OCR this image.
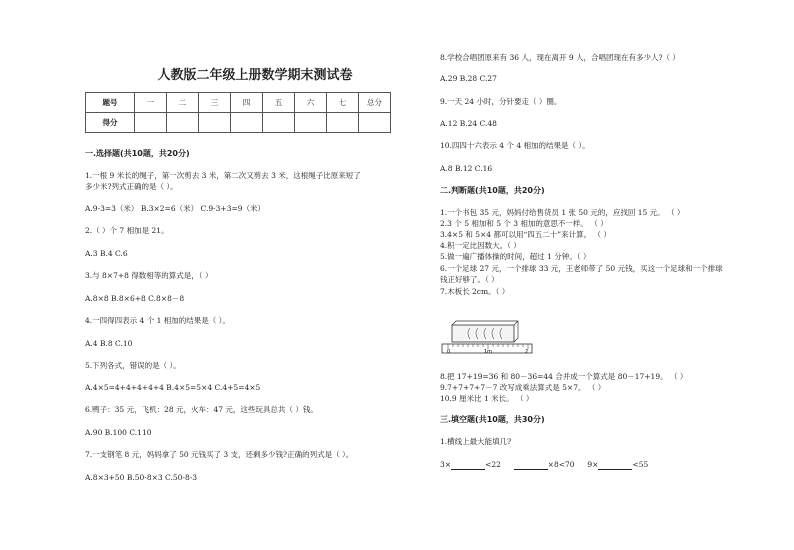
人教版二年级上册数学期末测试卷
题号	一	二	三	四	五	六	七	总分
得分								
一.选择题(共10题，共20分)
1.一根 9 米长的绳子，第一次剪去 3 米，第二次又剪去 3 米，这根绳子比原来短了
多少米?列式正确的是（ ）。
A.9-3=3（米） B.3×2=6（米） C.9-3+3=9（米）
2.（ ）个 7 相加是 21。
A.3 B.4 C.6
3.与 8×7+8 得数相等的算式是，（ ）
A.8×8 B.8×6+8 C.8×8－8
4.一四得四表示 4 个 1 相加的结果是（ ）。
A.4 B.8 C.10
5.下列各式，错误的是（ ）。
A.4×5=4+4+4+4+4 B.4×5=5×4 C.4+5=4×5
6.鸭子：35 元，飞机：28 元，火车：47 元，这些玩具总共（ ）钱。
A.90 B.100 C.110
7.一支钢笔 8 元，妈妈拿了 50 元钱买了 3 支，还剩多少钱?正确的列式是（ ）。
A.8×3+50 B.50-8×3 C.50-8-3
8.学校合唱团原来有 36 人，现在离开 9 人，合唱团现在有多少人?（ ）
A.29 B.28 C.27
9.一天 24 小时，分针要走（ ）圈。
A.12 B.24 C.48
10.四四十六表示 4 个 4 相加的结果是（ ）。
A.8 B.12 C.16
二.判断题(共10题，共20分)
1.一个书包 35 元，妈妈付给售货员 1 张 50 元的，应找回 15 元。 （ ）
2.3 个 5 相加和 5 个 3 相加的意思不一样。 （ ）
3.4×5 和 5×4 都可以用“四五二十”来计算。 （ ）
4.积一定比因数大。（ ）
5.做一遍广播体操的时间，超过 1 分钟。（ ）
6.一个足球 27 元，一个排球 33 元，王老师带了 50 元钱，买这一个足球和一个排球
钱正好够了。（ ）
7.木板长 2cm。（ ）
0	1m	2
8.把 17+19=36 和 80－36=44 合并成一个算式是 80－17+19。 （ ）
9.7+7+7+7－7 改写成乘法算式是 5×7。 （ ）
10.9 厘米比 1 米长。 （ ）
三.填空题(共10题，共30分)
1.横线上最大能填几?
3×	<22	×8<70 9×	<55
